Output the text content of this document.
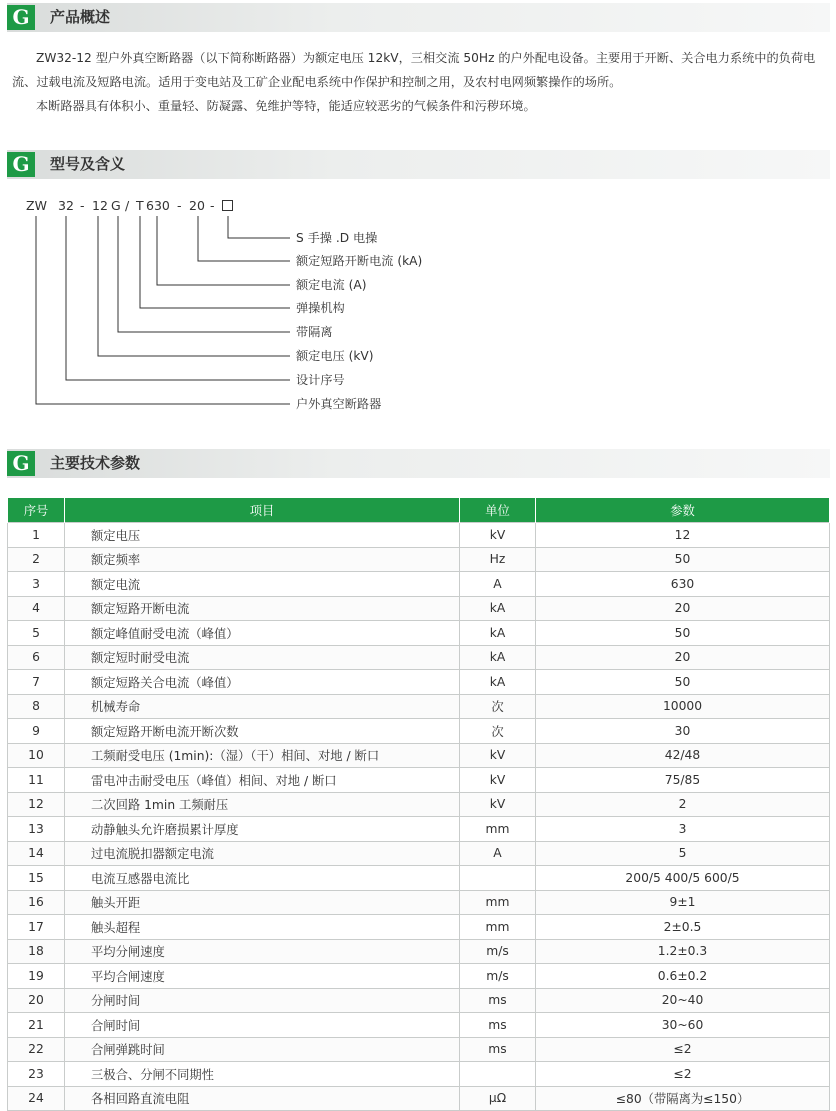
G	产品概述
ZW32-12 型户外真空断路器（以下简称断路器）为额定电压 12kV，三相交流 50Hz 的户外配电设备。主要用于开断、关合电力系统中的负荷电流、过载电流及短路电流。适用于变电站及工矿企业配电系统中作保护和控制之用，及农村电网频繁操作的场所。
本断路器具有体积小、重量轻、防凝露、免维护等特，能适应较恶劣的气候条件和污秽环境。
G	型号及含义
ZW 32 - 12 G / T 630 - 20 -
S 手操 .D 电操
额定短路开断电流 (kA)
额定电流 (A)
弹操机构
带隔离
额定电压 (kV)
设计序号
户外真空断路器
G	主要技术参数
序号	项目	单位	参数
1	额定电压	kV	12
2	额定频率	Hz	50
3	额定电流	A	630
4	额定短路开断电流	kA	20
5	额定峰值耐受电流（峰值）	kA	50
6	额定短时耐受电流	kA	20
7	额定短路关合电流（峰值）	kA	50
8	机械寿命	次	10000
9	额定短路开断电流开断次数	次	30
10	工频耐受电压 (1min):（湿）（干）相间、对地 / 断口	kV	42/48
11	雷电冲击耐受电压（峰值）相间、对地 / 断口	kV	75/85
12	二次回路 1min 工频耐压	kV	2
13	动静触头允许磨损累计厚度	mm	3
14	过电流脱扣器额定电流	A	5
15	电流互感器电流比		200/5 400/5 600/5
16	触头开距	mm	9±1
17	触头超程	mm	2±0.5
18	平均分闸速度	m/s	1.2±0.3
19	平均合闸速度	m/s	0.6±0.2
20	分闸时间	ms	20~40
21	合闸时间	ms	30~60
22	合闸弹跳时间	ms	≤2
23	三极合、分闸不同期性		≤2
24	各相回路直流电阻	μΩ	≤80（带隔离为≤150）
